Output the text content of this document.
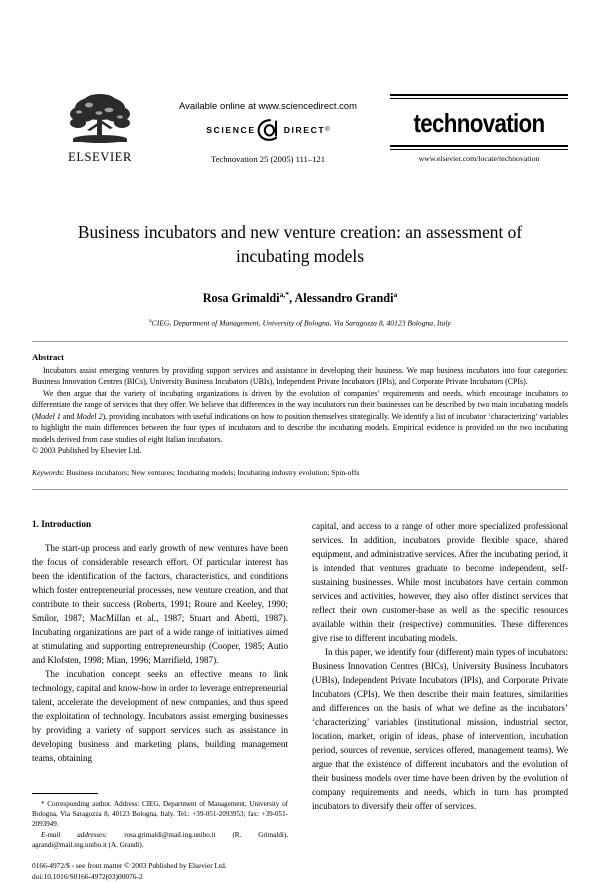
ELSEVIER
Available online at www.sciencedirect.com
SCIENCE	DIRECT ®
Technovation 25 (2005) 111–121
technovation
www.elsevier.com/locate/technovation
Business incubators and new venture creation: an assessment of incubating models
Rosa Grimaldi$^{a,*}$, Alessandro Grandi$^a$
$^a$CIEG, Department of Management, University of Bologna, Via Saragozza 8, 40123 Bologna, Italy
Abstract

Incubators assist emerging ventures by providing support services and assistance in developing their business. We map business incubators into four categories: Business Innovation Centres (BICs), University Business Incubators (UBIs), Independent Private Incubators (IPIs), and Corporate Private Incubators (CPIs).

We then argue that the variety of incubating organizations is driven by the evolution of companies’ requirements and needs, which encourage incubators to differentiate the range of services that they offer. We believe that differences in the way incubators run their businesses can be described by two main incubating models (Model 1 and Model 2), providing incubators with useful indications on how to position themselves strategically. We identify a list of incubator ‘characterizing’ variables to highlight the main differences between the four types of incubators and to describe the incubating models. Empirical evidence is provided on the two incubating models derived from case studies of eight Italian incubators.

© 2003 Published by Elsevier Ltd.
Keywords: Business incubators; New ventures; Incubating models; Incubating industry evolution; Spin-offs
1. Introduction

The start-up process and early growth of new ventures have been the focus of considerable research effort. Of particular interest has been the identification of the factors, characteristics, and conditions which foster entrepreneurial processes, new venture creation, and that contribute to their success (Roberts, 1991; Roure and Keeley, 1990; Smilor, 1987; MacMillan et al., 1987; Stuart and Abetti, 1987). Incubating organizations are part of a wide range of initiatives aimed at stimulating and supporting entrepreneurship (Cooper, 1985; Autio and Klofsten, 1998; Mian, 1996; Marrifield, 1987).

The incubation concept seeks an effective means to link technology, capital and know-how in order to leverage entrepreneurial talent, accelerate the development of new companies, and thus speed the exploitation of technology. Incubators assist emerging businesses by providing a variety of support services such as assistance in developing business and marketing plans, building management teams, obtaining

* Corresponding author. Address: CIEG, Department of Management, University of Bologna, Via Saragozza 8, 40123 Bologna, Italy. Tel.: +39-051-2093953; fax: +39-051-2093949.

E-mail addresses: rosa.grimaldi@mail.ing.unibo.it (R. Grimaldi), agrandi@mail.ing.unibo.it (A. Grandi).

0166-4972/$ - see front matter © 2003 Published by Elsevier Ltd.
doi:10.1016/S0166-4972(03)00076-2

capital, and access to a range of other more specialized professional services. In addition, incubators provide flexible space, shared equipment, and administrative services. After the incubating period, it is intended that ventures graduate to become independent, self-sustaining businesses. While most incubators have certain common services and activities, however, they also offer distinct services that reflect their own customer-base as well as the specific resources available within their (respective) communities. These differences give rise to different incubating models.

In this paper, we identify four (different) main types of incubators: Business Innovation Centres (BICs), University Business Incubators (UBIs), Independent Private Incubators (IPIs), and Corporate Private Incubators (CPIs). We then describe their main features, similarities and differences on the basis of what we define as the incubators’ ‘characterizing’ variables (institutional mission, industrial sector, location, market, origin of ideas, phase of intervention, incubation period, sources of revenue, services offered, management teams). We argue that the existence of different incubators and the evolution of their business models over time have been driven by the evolution of company requirements and needs, which in turn has prompted incubators to diversify their offer of services.
